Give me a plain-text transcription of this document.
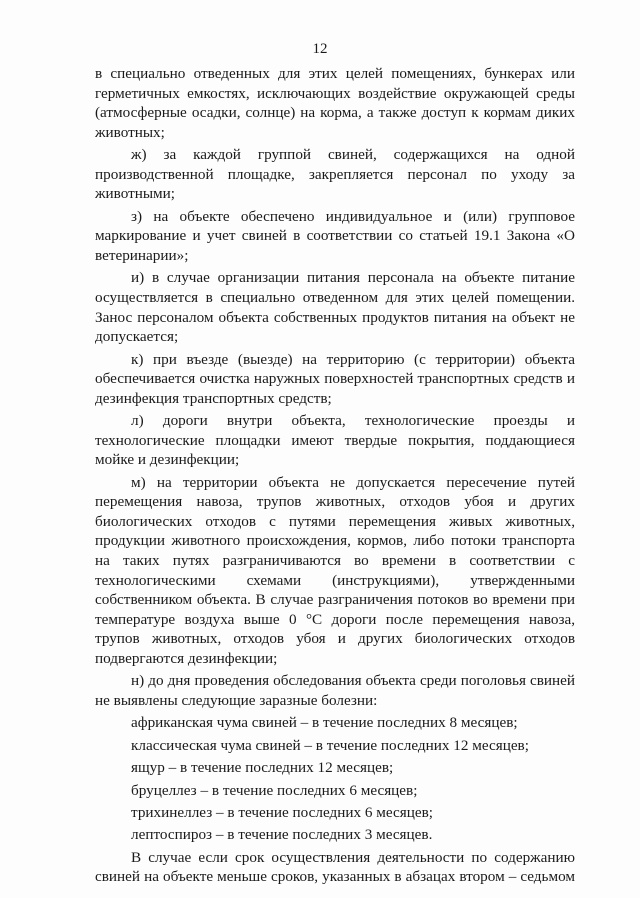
12

в специально отведенных для этих целей помещениях, бункерах или герметичных емкостях, исключающих воздействие окружающей среды (атмосферные осадки, солнце) на корма, а также доступ к кормам диких животных;

ж) за каждой группой свиней, содержащихся на одной производственной площадке, закрепляется персонал по уходу за животными;

з) на объекте обеспечено индивидуальное и (или) групповое маркирование и учет свиней в соответствии со статьей 19.1 Закона «О ветеринарии»;

и) в случае организации питания персонала на объекте питание осуществляется в специально отведенном для этих целей помещении. Занос персоналом объекта собственных продуктов питания на объект не допускается;

к) при въезде (выезде) на территорию (с территории) объекта обеспечивается очистка наружных поверхностей транспортных средств и дезинфекция транспортных средств;

л) дороги внутри объекта, технологические проезды и технологические площадки имеют твердые покрытия, поддающиеся мойке и дезинфекции;

м) на территории объекта не допускается пересечение путей перемещения навоза, трупов животных, отходов убоя и других биологических отходов с путями перемещения живых животных, продукции животного происхождения, кормов, либо потоки транспорта на таких путях разграничиваются во времени в соответствии с технологическими схемами (инструкциями), утвержденными собственником объекта. В случае разграничения потоков во времени при температуре воздуха выше 0 °С дороги после перемещения навоза, трупов животных, отходов убоя и других биологических отходов подвергаются дезинфекции;

н) до дня проведения обследования объекта среди поголовья свиней не выявлены следующие заразные болезни:

африканская чума свиней – в течение последних 8 месяцев;

классическая чума свиней – в течение последних 12 месяцев;

ящур – в течение последних 12 месяцев;

бруцеллез – в течение последних 6 месяцев;

трихинеллез – в течение последних 6 месяцев;

лептоспироз – в течение последних 3 месяцев.

В случае если срок осуществления деятельности по содержанию свиней на объекте меньше сроков, указанных в абзацах втором – седьмом
